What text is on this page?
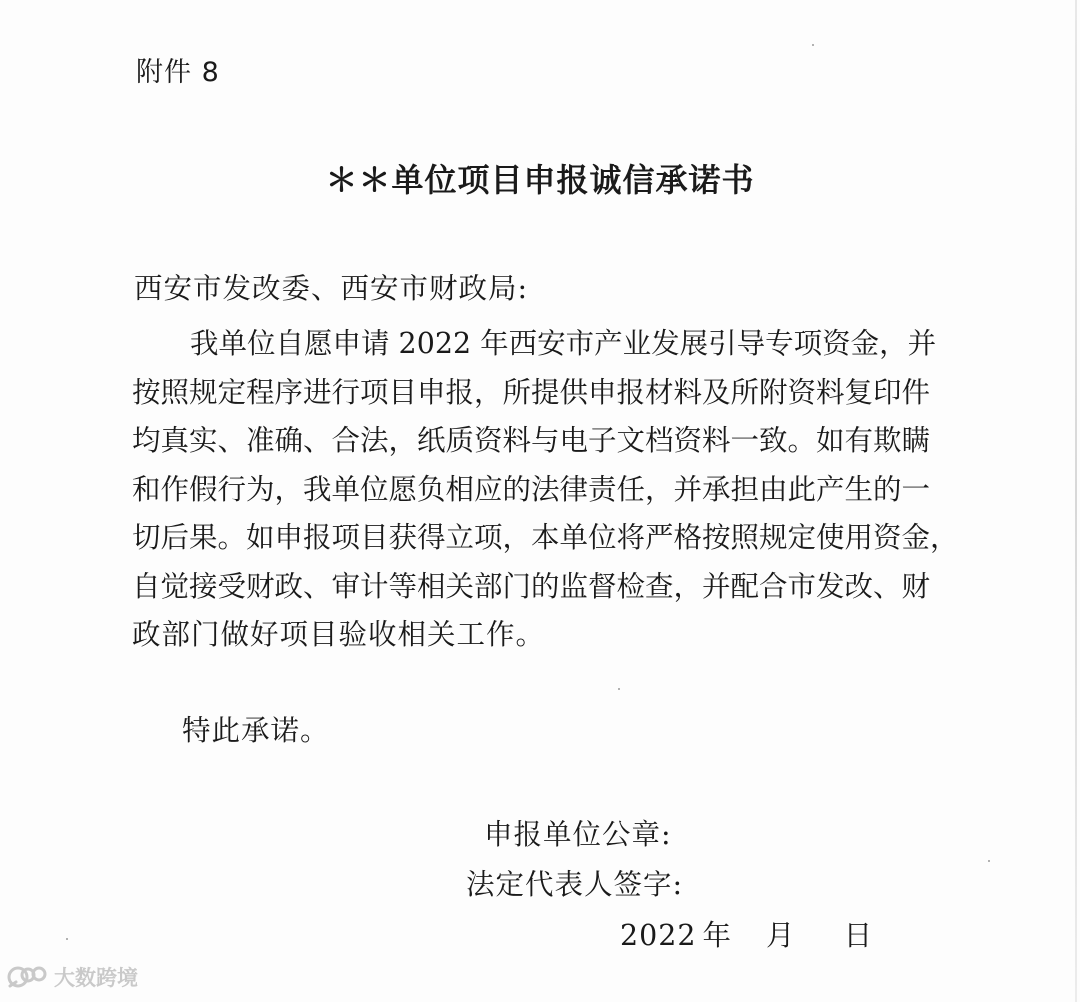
附件 8
＊＊单位项目申报诚信承诺书
西安市发改委、西安市财政局:
我单位自愿申请 2022 年西安市产业发展引导专项资金，并
按照规定程序进行项目申报，所提供申报材料及所附资料复印件
均真实、准确、合法，纸质资料与电子文档资料一致。如有欺瞒
和作假行为，我单位愿负相应的法律责任，并承担由此产生的一
切后果。如申报项目获得立项，本单位将严格按照规定使用资金，
自觉接受财政、审计等相关部门的监督检查，并配合市发改、财
政部门做好项目验收相关工作。
特此承诺。
申报单位公章:
法定代表人签字:
2022 年 月 日
大数跨境
